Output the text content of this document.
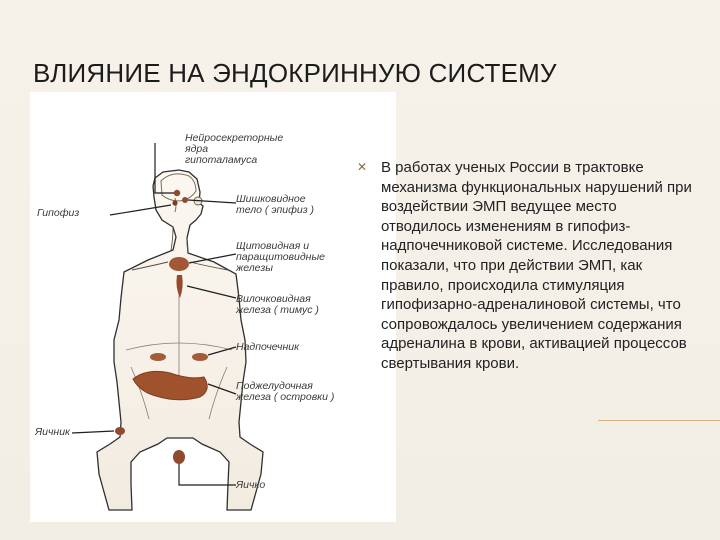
ВЛИЯНИЕ НА ЭНДОКРИННУЮ СИСТЕМУ
Нейросекреторные
ядра
гипоталамуса
Шишковидное
тело ( эпифиз )
Гипофиз
Щитовидная и
паращитовидные
железы
Вилочковидная
железа ( тимус )
Надпочечник
Поджелудочная
железа ( островки )
Яичник
Яичко
✕ В работах ученых России в трактовке механизма функциональных нарушений при воздействии ЭМП ведущее место отводилось изменениям в гипофиз-надпочечниковой системе. Исследования показали, что при действии ЭМП, как правило, происходила стимуляция гипофизарно-адреналиновой системы, что сопровождалось увеличением содержания адреналина в крови, активацией процессов свертывания крови.
